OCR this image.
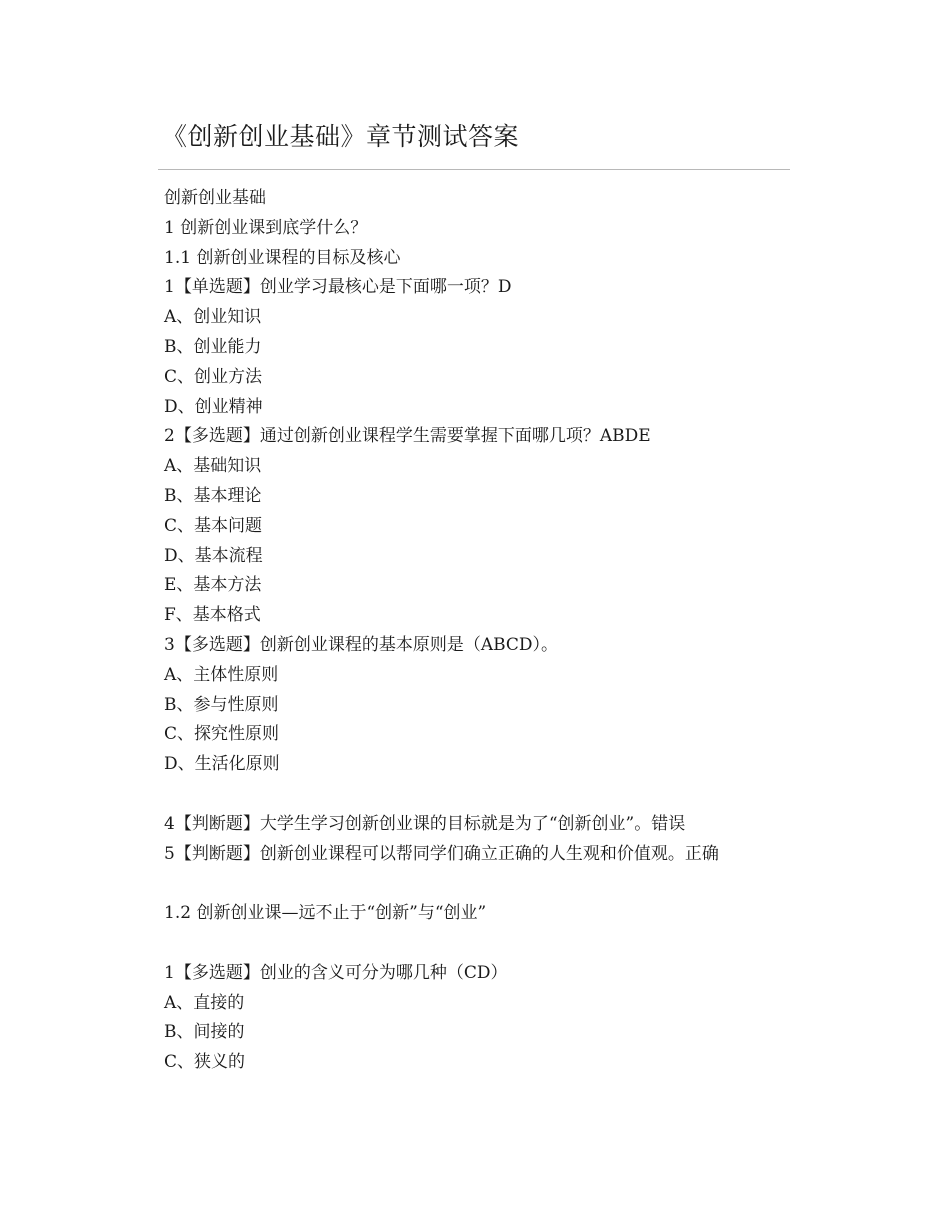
《创新创业基础》章节测试答案

创新创业基础

1 创新创业课到底学什么？

1.1 创新创业课程的目标及核心

1【单选题】创业学习最核心是下面哪一项？D

A、创业知识

B、创业能力

C、创业方法

D、创业精神

2【多选题】通过创新创业课程学生需要掌握下面哪几项？ABDE

A、基础知识

B、基本理论

C、基本问题

D、基本流程

E、基本方法

F、基本格式

3【多选题】创新创业课程的基本原则是（ABCD）。

A、主体性原则

B、参与性原则

C、探究性原则

D、生活化原则

4【判断题】大学生学习创新创业课的目标就是为了“创新创业”。错误

5【判断题】创新创业课程可以帮同学们确立正确的人生观和价值观。正确

1.2 创新创业课—远不止于“创新”与“创业”

1【多选题】创业的含义可分为哪几种（CD）

A、直接的

B、间接的

C、狭义的
